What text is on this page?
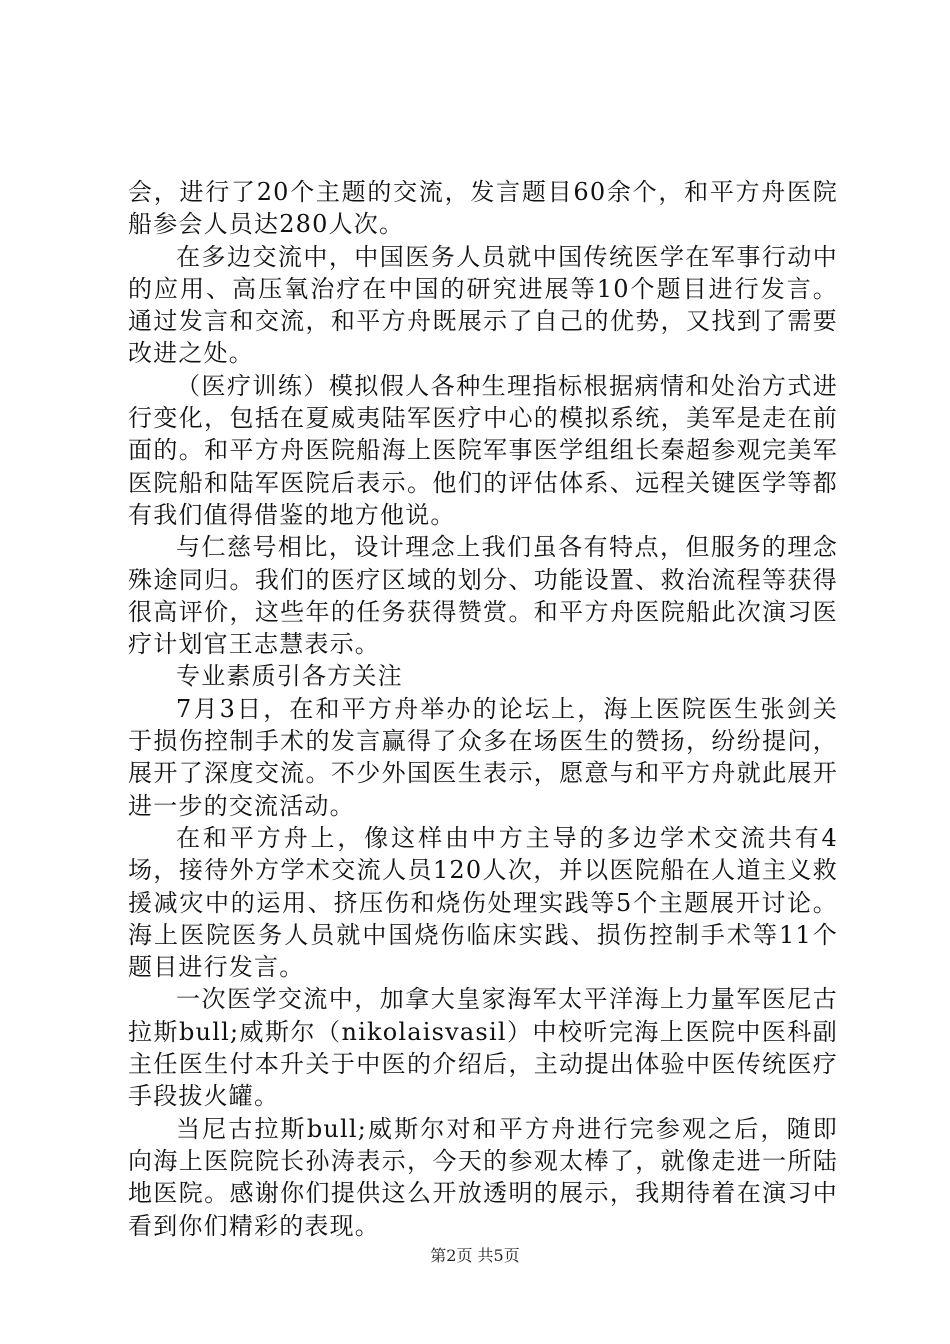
会，进行了20个主题的交流，发言题目60余个，和平方舟医院船参会人员达280人次。

在多边交流中，中国医务人员就中国传统医学在军事行动中的应用、高压氧治疗在中国的研究进展等10个题目进行发言。通过发言和交流，和平方舟既展示了自己的优势，又找到了需要改进之处。

（医疗训练）模拟假人各种生理指标根据病情和处治方式进行变化，包括在夏威夷陆军医疗中心的模拟系统，美军是走在前面的。和平方舟医院船海上医院军事医学组组长秦超参观完美军医院船和陆军医院后表示。他们的评估体系、远程关键医学等都有我们值得借鉴的地方他说。

与仁慈号相比，设计理念上我们虽各有特点，但服务的理念殊途同归。我们的医疗区域的划分、功能设置、救治流程等获得很高评价，这些年的任务获得赞赏。和平方舟医院船此次演习医疗计划官王志慧表示。

专业素质引各方关注

7月3日，在和平方舟举办的论坛上，海上医院医生张剑关于损伤控制手术的发言赢得了众多在场医生的赞扬，纷纷提问，展开了深度交流。不少外国医生表示，愿意与和平方舟就此展开进一步的交流活动。

在和平方舟上，像这样由中方主导的多边学术交流共有4场，接待外方学术交流人员120人次，并以医院船在人道主义救援减灾中的运用、挤压伤和烧伤处理实践等5个主题展开讨论。海上医院医务人员就中国烧伤临床实践、损伤控制手术等11个题目进行发言。

一次医学交流中，加拿大皇家海军太平洋海上力量军医尼古拉斯bull;威斯尔（nikolaisvasil）中校听完海上医院中医科副主任医生付本升关于中医的介绍后，主动提出体验中医传统医疗手段拔火罐。

当尼古拉斯bull;威斯尔对和平方舟进行完参观之后，随即向海上医院院长孙涛表示，今天的参观太棒了，就像走进一所陆地医院。感谢你们提供这么开放透明的展示，我期待着在演习中看到你们精彩的表现。

第2页 共5页
